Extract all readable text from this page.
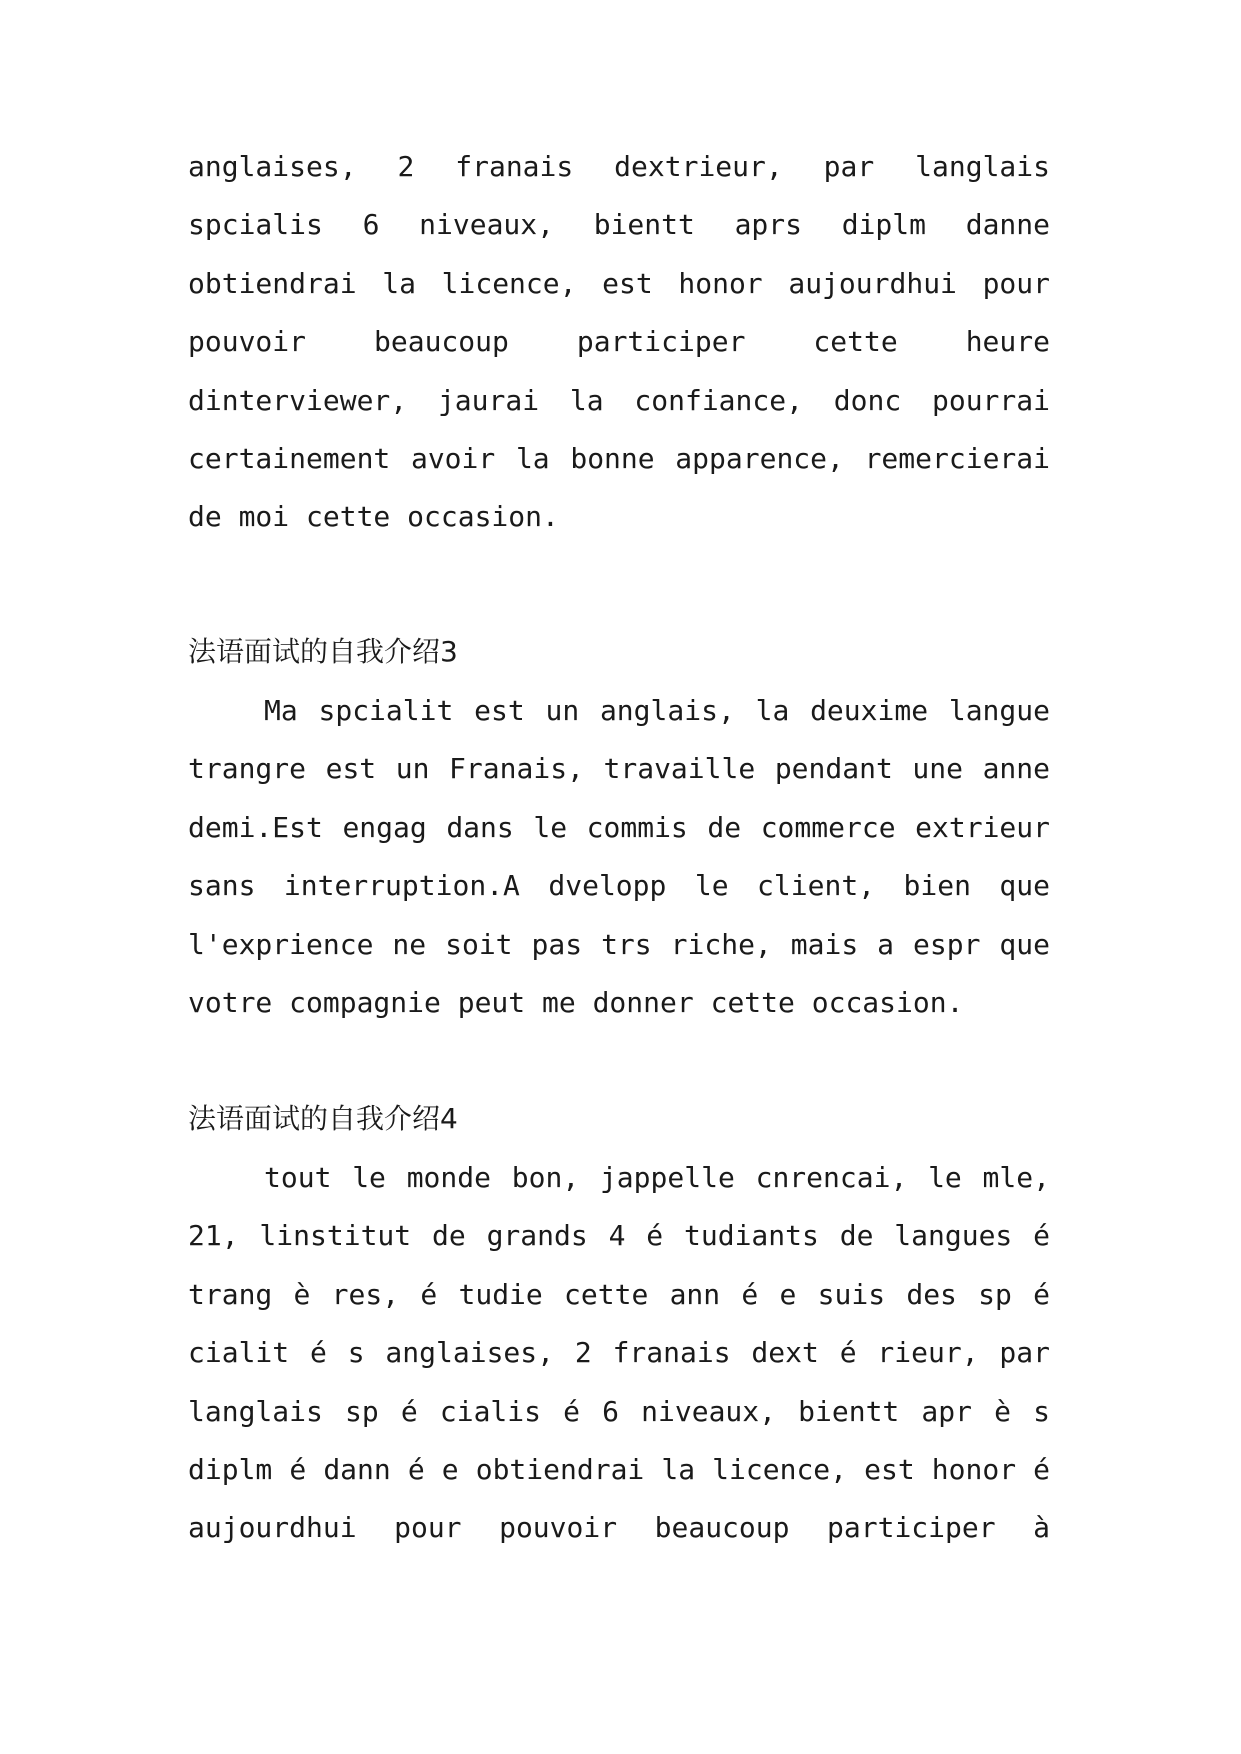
anglaises, 2 franais dextrieur, par langlais
spcialis 6 niveaux, bientt aprs diplm danne
obtiendrai la licence, est honor aujourdhui pour
pouvoir beaucoup participer cette heure
dinterviewer, jaurai la confiance, donc pourrai
certainement avoir la bonne apparence, remercierai
de moi cette occasion.
法语面试的自我介绍3
Ma spcialit est un anglais, la deuxime langue
trangre est un Franais, travaille pendant une anne
demi.Est engag dans le commis de commerce extrieur
sans interruption.A dvelopp le client, bien que
l'exprience ne soit pas trs riche, mais a espr que
votre compagnie peut me donner cette occasion.
法语面试的自我介绍4
tout le monde bon, jappelle cnrencai, le mle,
21, linstitut de grands 4 é tudiants de langues é
trang è res, é tudie cette ann é e suis des sp é
cialit é s anglaises, 2 franais dext é rieur, par
langlais sp é cialis é 6 niveaux, bientt apr è s
diplm é dann é e obtiendrai la licence, est honor é
aujourdhui pour pouvoir beaucoup participer à
